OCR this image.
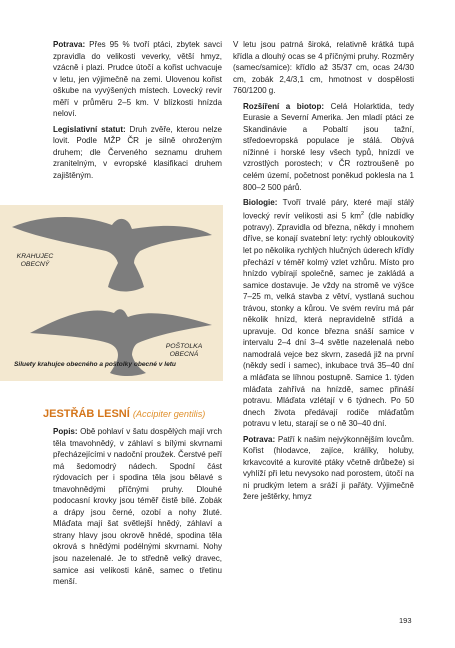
Potrava: Přes 95 % tvoří ptáci, zbytek savci zpravidla do velikosti veverky, větší hmyz, vzácně i plazi. Prudce útočí a kořist uchvacuje v letu, jen výjimečně na zemi. Ulovenou kořist oškube na vyvýšených místech. Lovecký revír měří v průměru 2–5 km. V blízkosti hnízda neloví.

Legislativní statut: Druh zvěře, kterou nelze lovit. Podle MŽP ČR je silně ohroženým druhem; dle Červeného seznamu druhem zranitelným, v evropské klasifikaci druhem zajištěným.

KRAHUJEC OBECNÝ
POŠTOLKA OBECNÁ
Siluety krahujce obecného a poštolky obecné v letu
JESTŘÁB LESNÍ (Accipiter gentilis)

Popis: Obě pohlaví v šatu dospělých mají vrch těla tmavohnědý, v záhlaví s bílými skvrnami přecházejícími v nadoční proužek. Čerstvé peří má šedomodrý nádech. Spodní část rýdovacích per i spodina těla jsou bělavé s tmavohnědými příčnými pruhy. Dlouhé podocasní krovky jsou téměř čistě bílé. Zobák a drápy jsou černé, ozobí a nohy žluté. Mláďata mají šat světlejší hnědý, záhlaví a strany hlavy jsou okrově hnědé, spodina těla okrová s hnědými podélnými skvrnami. Nohy jsou nazelenalé. Je to středně velký dravec, samice asi velikosti káně, samec o třetinu menší.

V letu jsou patrná široká, relativně krátká tupá křídla a dlouhý ocas se 4 příčnými pruhy. Rozměry (samec/samice): křídlo až 35/37 cm, ocas 24/30 cm, zobák 2,4/3,1 cm, hmotnost v dospělosti 760/1200 g.

Rozšíření a biotop: Celá Holarktida, tedy Eurasie a Severní Amerika. Jen mladí ptáci ze Skandinávie a Pobaltí jsou tažní, středoevropská populace je stálá. Obývá nížinné i horské lesy všech typů, hnízdí ve vzrostlých porostech; v ČR roztroušeně po celém území, početnost poněkud poklesla na 1 800–2 500 párů.

Biologie: Tvoří trvalé páry, které mají stálý lovecký revír velikosti asi 5 $km^2$ (dle nabídky potravy). Zpravidla od března, někdy i mnohem dříve, se konají svatební lety: rychlý obloukovitý let po několika rychlých hlučných úderech křídly přechází v téměř kolmý vzlet vzhůru. Místo pro hnízdo vybírají společně, samec je zakládá a samice dostavuje. Je vždy na stromě ve výšce 7–25 m, velká stavba z větví, vystlaná suchou trávou, stonky a kůrou. Ve svém revíru má pár několik hnízd, která nepravidelně střídá a upravuje. Od konce března snáší samice v intervalu 2–4 dní 3–4 světle nazelenalá nebo namodralá vejce bez skvrn, zasedá již na první (někdy sedí i samec), inkubace trvá 35–40 dní a mláďata se líhnou postupně. Samice 1. týden mláďata zahřívá na hnízdě, samec přináší potravu. Mláďata vzlétají v 6 týdnech. Po 50 dnech života předávají rodiče mláďatům potravu v letu, starají se o ně 30–40 dní.

Potrava: Patří k našim nejvýkonnějším lovcům. Kořist (hlodavce, zajíce, králíky, holuby, krkavcovité a kurovité ptáky včetně drůbeže) si vyhlíží při letu nevysoko nad porostem, útočí na ni prudkým letem a sráží ji pařáty. Výjimečně žere ještěrky, hmyz

193
